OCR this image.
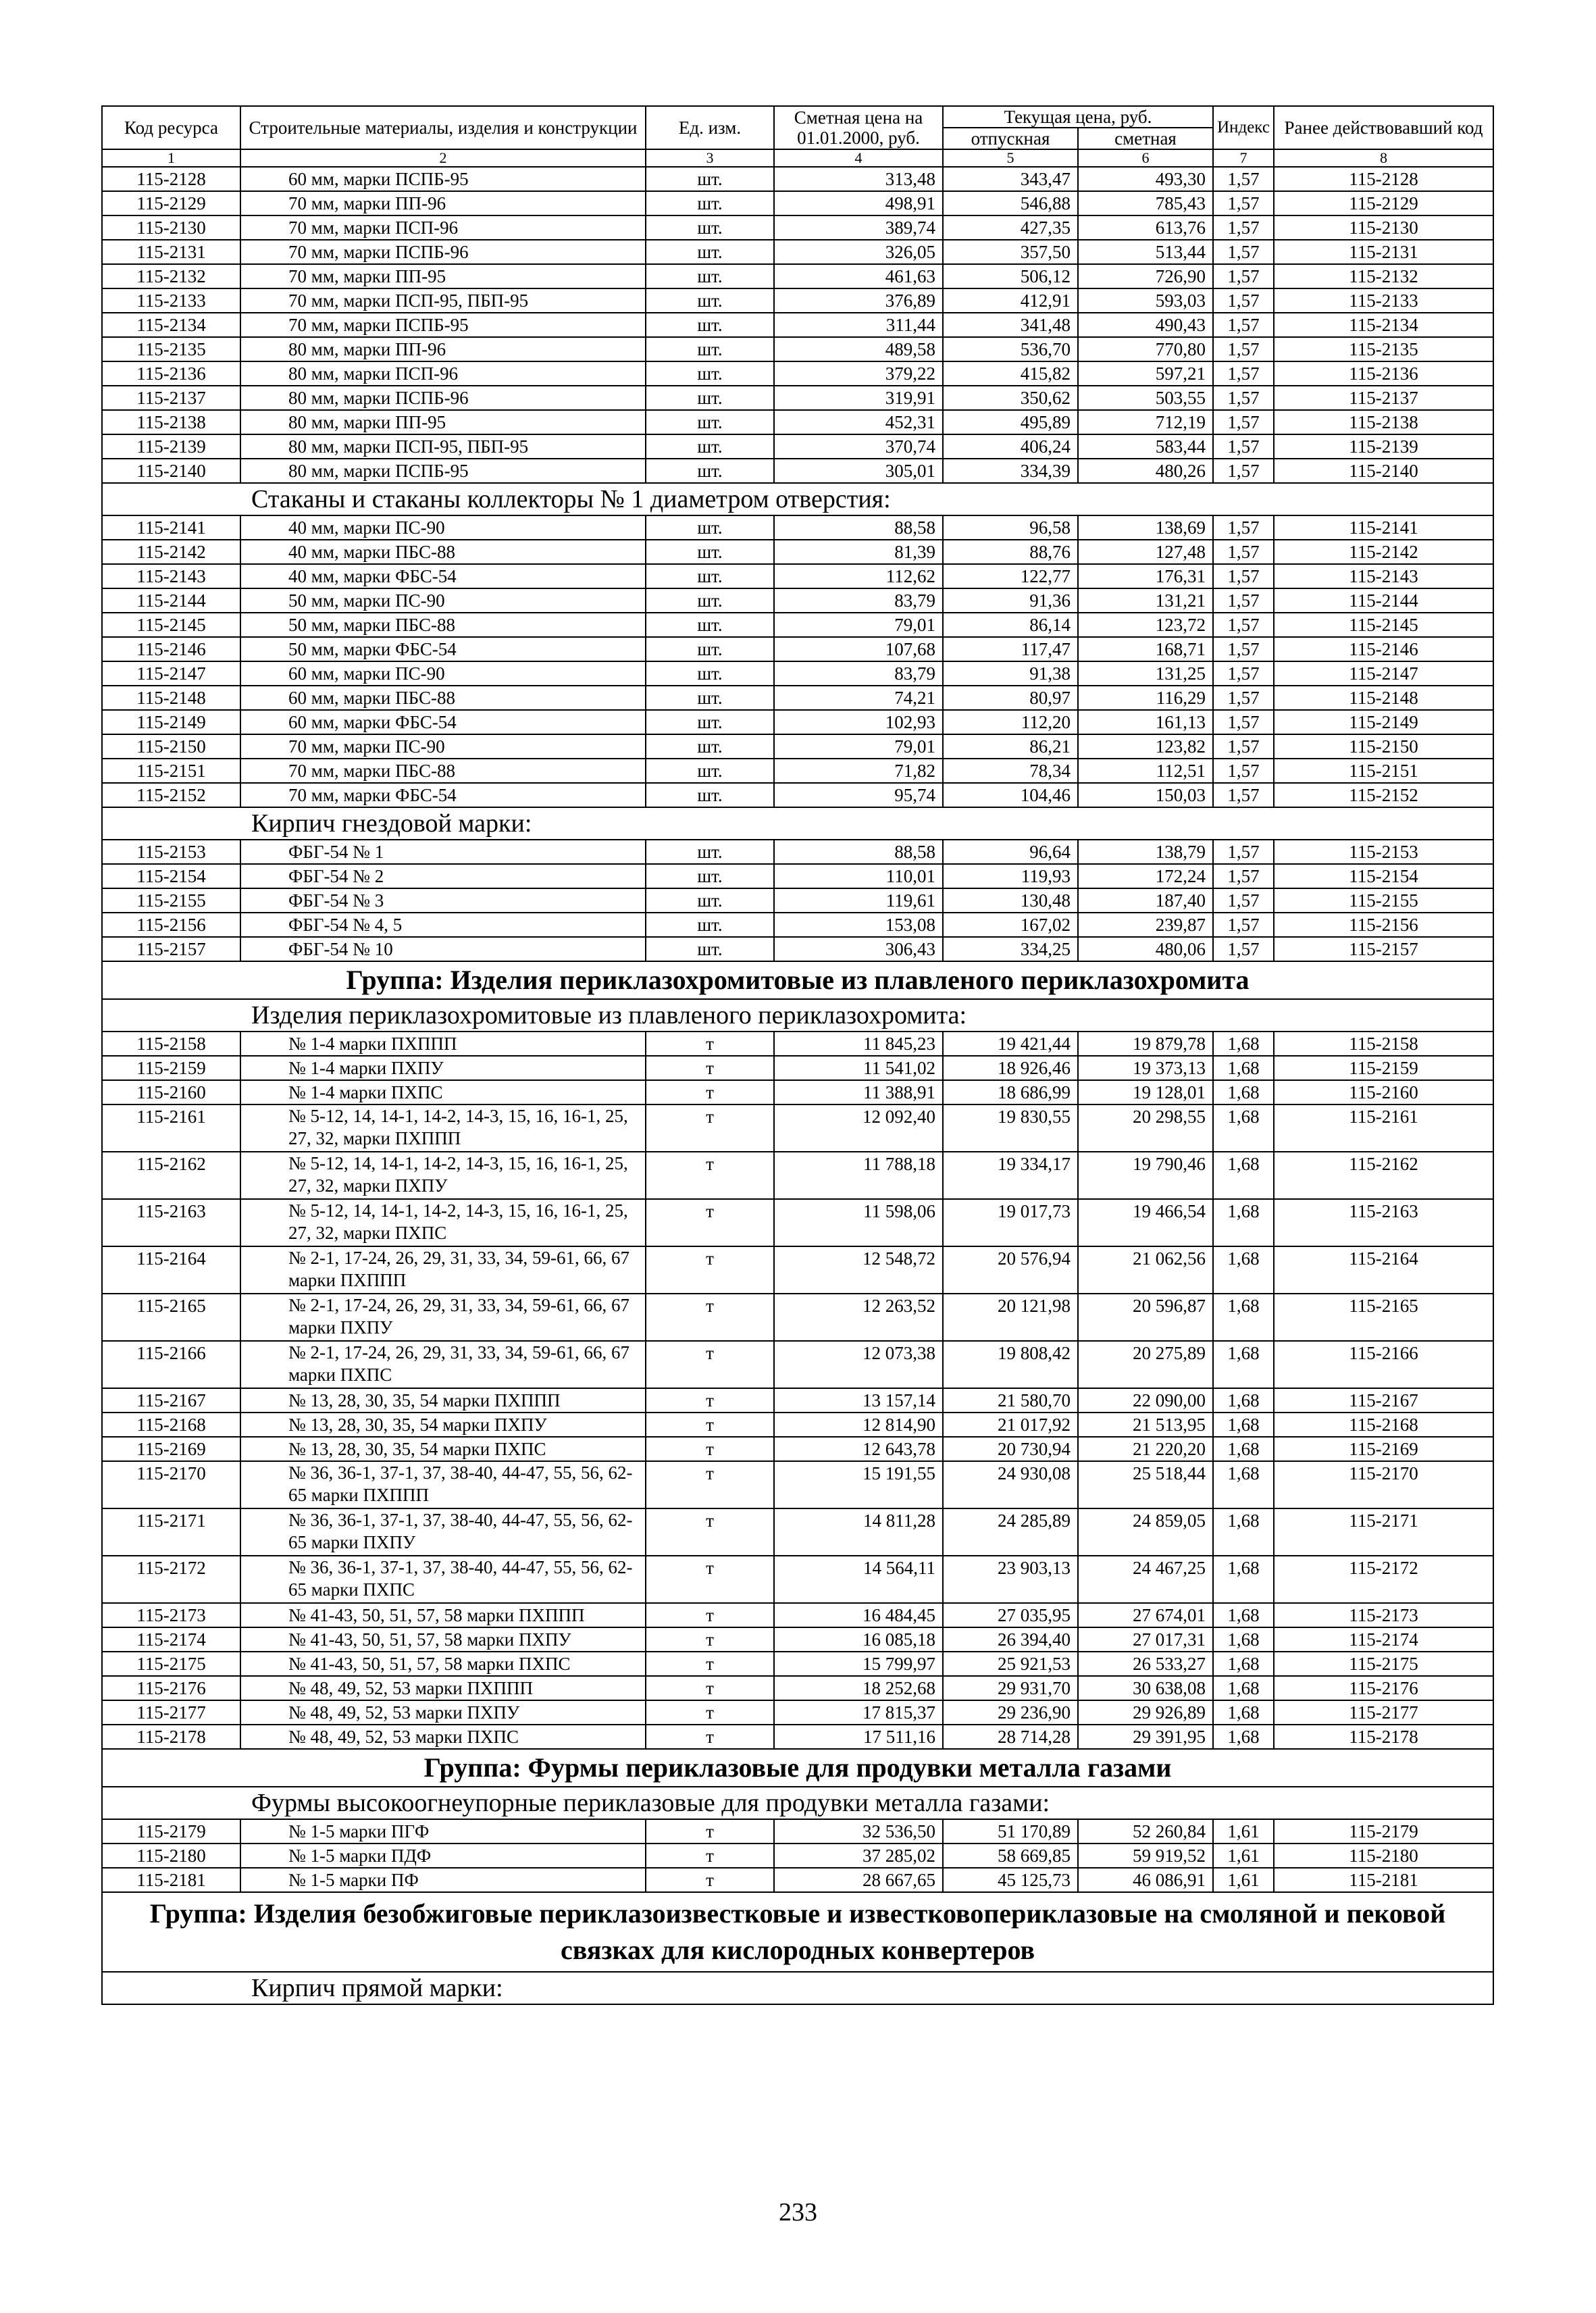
Код ресурса	Строительные материалы, изделия и конструкции	Ед. изм.	Сметная цена на 01.01.2000, руб.	Текущая цена, руб.		Индекс	Ранее действовавший код
				отпускная	сметная		
1	2	3	4	5	6	7	8
115-2128	60 мм, марки ПСПБ-95	шт.	313,48	343,47	493,30	1,57	115-2128
115-2129	70 мм, марки ПП-96	шт.	498,91	546,88	785,43	1,57	115-2129
115-2130	70 мм, марки ПСП-96	шт.	389,74	427,35	613,76	1,57	115-2130
115-2131	70 мм, марки ПСПБ-96	шт.	326,05	357,50	513,44	1,57	115-2131
115-2132	70 мм, марки ПП-95	шт.	461,63	506,12	726,90	1,57	115-2132
115-2133	70 мм, марки ПСП-95, ПБП-95	шт.	376,89	412,91	593,03	1,57	115-2133
115-2134	70 мм, марки ПСПБ-95	шт.	311,44	341,48	490,43	1,57	115-2134
115-2135	80 мм, марки ПП-96	шт.	489,58	536,70	770,80	1,57	115-2135
115-2136	80 мм, марки ПСП-96	шт.	379,22	415,82	597,21	1,57	115-2136
115-2137	80 мм, марки ПСПБ-96	шт.	319,91	350,62	503,55	1,57	115-2137
115-2138	80 мм, марки ПП-95	шт.	452,31	495,89	712,19	1,57	115-2138
115-2139	80 мм, марки ПСП-95, ПБП-95	шт.	370,74	406,24	583,44	1,57	115-2139
115-2140	80 мм, марки ПСПБ-95	шт.	305,01	334,39	480,26	1,57	115-2140
Стаканы и стаканы коллекторы № 1 диаметром отверстия:							
115-2141	40 мм, марки ПС-90	шт.	88,58	96,58	138,69	1,57	115-2141
115-2142	40 мм, марки ПБС-88	шт.	81,39	88,76	127,48	1,57	115-2142
115-2143	40 мм, марки ФБС-54	шт.	112,62	122,77	176,31	1,57	115-2143
115-2144	50 мм, марки ПС-90	шт.	83,79	91,36	131,21	1,57	115-2144
115-2145	50 мм, марки ПБС-88	шт.	79,01	86,14	123,72	1,57	115-2145
115-2146	50 мм, марки ФБС-54	шт.	107,68	117,47	168,71	1,57	115-2146
115-2147	60 мм, марки ПС-90	шт.	83,79	91,38	131,25	1,57	115-2147
115-2148	60 мм, марки ПБС-88	шт.	74,21	80,97	116,29	1,57	115-2148
115-2149	60 мм, марки ФБС-54	шт.	102,93	112,20	161,13	1,57	115-2149
115-2150	70 мм, марки ПС-90	шт.	79,01	86,21	123,82	1,57	115-2150
115-2151	70 мм, марки ПБС-88	шт.	71,82	78,34	112,51	1,57	115-2151
115-2152	70 мм, марки ФБС-54	шт.	95,74	104,46	150,03	1,57	115-2152
Кирпич гнездовой марки:							
115-2153	ФБГ-54 № 1	шт.	88,58	96,64	138,79	1,57	115-2153
115-2154	ФБГ-54 № 2	шт.	110,01	119,93	172,24	1,57	115-2154
115-2155	ФБГ-54 № 3	шт.	119,61	130,48	187,40	1,57	115-2155
115-2156	ФБГ-54 № 4, 5	шт.	153,08	167,02	239,87	1,57	115-2156
115-2157	ФБГ-54 № 10	шт.	306,43	334,25	480,06	1,57	115-2157
Группа: Изделия периклазохромитовые из плавленого периклазохромита							
Изделия периклазохромитовые из плавленого периклазохромита:							
115-2158	№ 1-4 марки ПХППП	т	11 845,23	19 421,44	19 879,78	1,68	115-2158
115-2159	№ 1-4 марки ПХПУ	т	11 541,02	18 926,46	19 373,13	1,68	115-2159
115-2160	№ 1-4 марки ПХПС	т	11 388,91	18 686,99	19 128,01	1,68	115-2160
115-2161	№ 5-12, 14, 14-1, 14-2, 14-3, 15, 16, 16-1, 25, 27, 32, марки ПХППП	т	12 092,40	19 830,55	20 298,55	1,68	115-2161
115-2162	№ 5-12, 14, 14-1, 14-2, 14-3, 15, 16, 16-1, 25, 27, 32, марки ПХПУ	т	11 788,18	19 334,17	19 790,46	1,68	115-2162
115-2163	№ 5-12, 14, 14-1, 14-2, 14-3, 15, 16, 16-1, 25, 27, 32, марки ПХПС	т	11 598,06	19 017,73	19 466,54	1,68	115-2163
115-2164	№ 2-1, 17-24, 26, 29, 31, 33, 34, 59-61, 66, 67 марки ПХППП	т	12 548,72	20 576,94	21 062,56	1,68	115-2164
115-2165	№ 2-1, 17-24, 26, 29, 31, 33, 34, 59-61, 66, 67 марки ПХПУ	т	12 263,52	20 121,98	20 596,87	1,68	115-2165
115-2166	№ 2-1, 17-24, 26, 29, 31, 33, 34, 59-61, 66, 67 марки ПХПС	т	12 073,38	19 808,42	20 275,89	1,68	115-2166
115-2167	№ 13, 28, 30, 35, 54 марки ПХППП	т	13 157,14	21 580,70	22 090,00	1,68	115-2167
115-2168	№ 13, 28, 30, 35, 54 марки ПХПУ	т	12 814,90	21 017,92	21 513,95	1,68	115-2168
115-2169	№ 13, 28, 30, 35, 54 марки ПХПС	т	12 643,78	20 730,94	21 220,20	1,68	115-2169
115-2170	№ 36, 36-1, 37-1, 37, 38-40, 44-47, 55, 56, 62-65 марки ПХППП	т	15 191,55	24 930,08	25 518,44	1,68	115-2170
115-2171	№ 36, 36-1, 37-1, 37, 38-40, 44-47, 55, 56, 62-65 марки ПХПУ	т	14 811,28	24 285,89	24 859,05	1,68	115-2171
115-2172	№ 36, 36-1, 37-1, 37, 38-40, 44-47, 55, 56, 62-65 марки ПХПС	т	14 564,11	23 903,13	24 467,25	1,68	115-2172
115-2173	№ 41-43, 50, 51, 57, 58 марки ПХППП	т	16 484,45	27 035,95	27 674,01	1,68	115-2173
115-2174	№ 41-43, 50, 51, 57, 58 марки ПХПУ	т	16 085,18	26 394,40	27 017,31	1,68	115-2174
115-2175	№ 41-43, 50, 51, 57, 58 марки ПХПС	т	15 799,97	25 921,53	26 533,27	1,68	115-2175
115-2176	№ 48, 49, 52, 53 марки ПХППП	т	18 252,68	29 931,70	30 638,08	1,68	115-2176
115-2177	№ 48, 49, 52, 53 марки ПХПУ	т	17 815,37	29 236,90	29 926,89	1,68	115-2177
115-2178	№ 48, 49, 52, 53 марки ПХПС	т	17 511,16	28 714,28	29 391,95	1,68	115-2178
Группа: Фурмы периклазовые для продувки металла газами							
Фурмы высокоогнеупорные периклазовые для продувки металла газами:							
115-2179	№ 1-5 марки ПГФ	т	32 536,50	51 170,89	52 260,84	1,61	115-2179
115-2180	№ 1-5 марки ПДФ	т	37 285,02	58 669,85	59 919,52	1,61	115-2180
115-2181	№ 1-5 марки ПФ	т	28 667,65	45 125,73	46 086,91	1,61	115-2181
Группа: Изделия безобжиговые периклазоизвестковые и известковопериклазовые на смоляной и пековой связках для кислородных конвертеров							
Кирпич прямой марки:							
233
